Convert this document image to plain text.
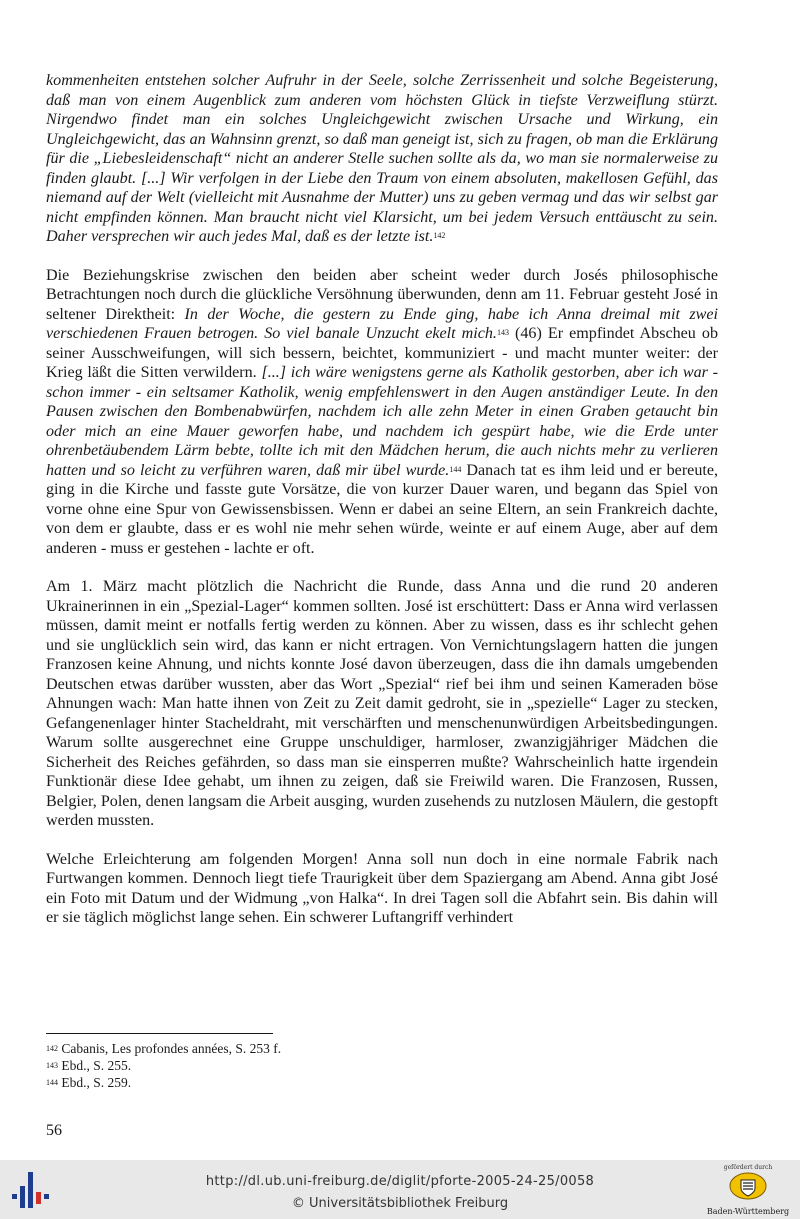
kommenheiten entstehen solcher Aufruhr in der Seele, solche Zerrissenheit und solche Begeisterung, daß man von einem Augenblick zum anderen vom höchsten Glück in tiefste Verzweiflung stürzt. Nirgendwo findet man ein solches Ungleichgewicht zwischen Ursache und Wirkung, ein Ungleichgewicht, das an Wahnsinn grenzt, so daß man geneigt ist, sich zu fragen, ob man die Erklärung für die „Liebesleidenschaft“ nicht an anderer Stelle suchen sollte als da, wo man sie normalerweise zu finden glaubt. [...] Wir verfolgen in der Liebe den Traum von einem absoluten, makellosen Gefühl, das niemand auf der Welt (vielleicht mit Ausnahme der Mutter) uns zu geben vermag und das wir selbst gar nicht empfinden können. Man braucht nicht viel Klarsicht, um bei jedem Versuch enttäuscht zu sein. Daher versprechen wir auch jedes Mal, daß es der letzte ist.$^{142}$

Die Beziehungskrise zwischen den beiden aber scheint weder durch Josés philosophische Betrachtungen noch durch die glückliche Versöhnung überwunden, denn am 11. Februar gesteht José in seltener Direktheit: In der Woche, die gestern zu Ende ging, habe ich Anna dreimal mit zwei verschiedenen Frauen betrogen. So viel banale Unzucht ekelt mich.$^{143}$ (46) Er empfindet Abscheu ob seiner Ausschweifungen, will sich bessern, beichtet, kommuniziert - und macht munter weiter: der Krieg läßt die Sitten verwildern. [...] ich wäre wenigstens gerne als Katholik gestorben, aber ich war - schon immer - ein seltsamer Katholik, wenig empfehlenswert in den Augen anständiger Leute. In den Pausen zwischen den Bombenabwürfen, nachdem ich alle zehn Meter in einen Graben getaucht bin oder mich an eine Mauer geworfen habe, und nachdem ich gespürt habe, wie die Erde unter ohrenbetäubendem Lärm bebte, tollte ich mit den Mädchen herum, die auch nichts mehr zu verlieren hatten und so leicht zu verführen waren, daß mir übel wurde.$^{144}$ Danach tat es ihm leid und er bereute, ging in die Kirche und fasste gute Vorsätze, die von kurzer Dauer waren, und begann das Spiel von vorne ohne eine Spur von Gewissensbissen. Wenn er dabei an seine Eltern, an sein Frankreich dachte, von dem er glaubte, dass er es wohl nie mehr sehen würde, weinte er auf einem Auge, aber auf dem anderen - muss er gestehen - lachte er oft.

Am 1. März macht plötzlich die Nachricht die Runde, dass Anna und die rund 20 anderen Ukrainerinnen in ein „Spezial-Lager“ kommen sollten. José ist erschüttert: Dass er Anna wird verlassen müssen, damit meint er notfalls fertig werden zu können. Aber zu wissen, dass es ihr schlecht gehen und sie unglücklich sein wird, das kann er nicht ertragen. Von Vernichtungslagern hatten die jungen Franzosen keine Ahnung, und nichts konnte José davon überzeugen, dass die ihn damals umgebenden Deutschen etwas darüber wussten, aber das Wort „Spezial“ rief bei ihm und seinen Kameraden böse Ahnungen wach: Man hatte ihnen von Zeit zu Zeit damit gedroht, sie in „spezielle“ Lager zu stecken, Gefangenenlager hinter Stacheldraht, mit verschärften und menschenunwürdigen Arbeitsbedingungen. Warum sollte ausgerechnet eine Gruppe unschuldiger, harmloser, zwanzigjähriger Mädchen die Sicherheit des Reiches gefährden, so dass man sie einsperren mußte? Wahrscheinlich hatte irgendein Funktionär diese Idee gehabt, um ihnen zu zeigen, daß sie Freiwild waren. Die Franzosen, Russen, Belgier, Polen, denen langsam die Arbeit ausging, wurden zusehends zu nutzlosen Mäulern, die gestopft werden mussten.

Welche Erleichterung am folgenden Morgen! Anna soll nun doch in eine normale Fabrik nach Furtwangen kommen. Dennoch liegt tiefe Traurigkeit über dem Spaziergang am Abend. Anna gibt José ein Foto mit Datum und der Widmung „von Halka“. In drei Tagen soll die Abfahrt sein. Bis dahin will er sie täglich möglichst lange sehen. Ein schwerer Luftangriff verhindert

$^{142}$ Cabanis, Les profondes années, S. 253 f.

$^{143}$ Ebd., S. 255.

$^{144}$ Ebd., S. 259.

56
http://dl.ub.uni-freiburg.de/diglit/pforte-2005-24-25/0058
© Universitätsbibliothek Freiburg
gefördert durch
Baden-Württemberg
